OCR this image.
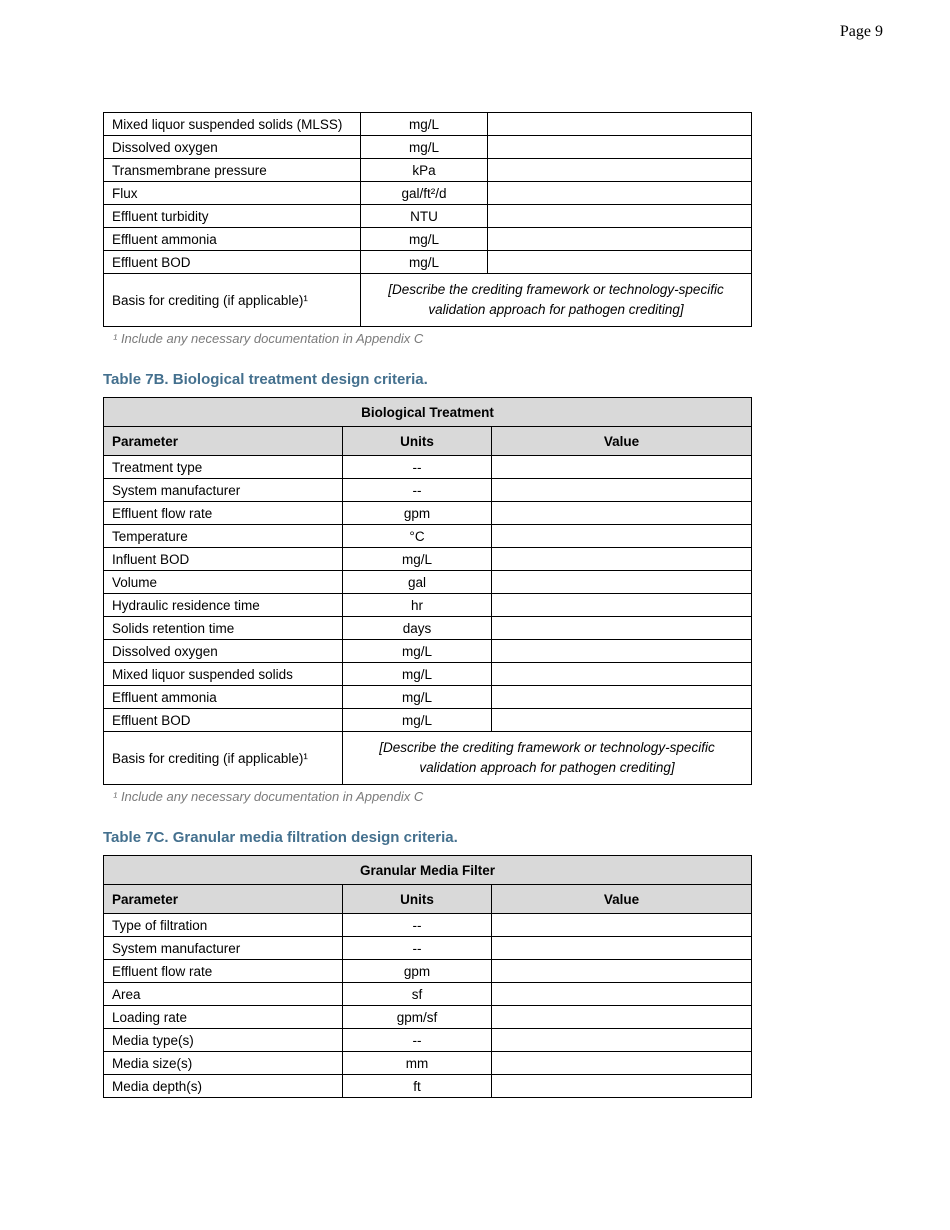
Page 9
Mixed liquor suspended solids (MLSS)	mg/L	
Dissolved oxygen	mg/L	
Transmembrane pressure	kPa	
Flux	gal/ft²/d	
Effluent turbidity	NTU	
Effluent ammonia	mg/L	
Effluent BOD	mg/L	
Basis for crediting (if applicable)¹	[Describe the crediting framework or technology-specific validation approach for pathogen crediting]	
¹ Include any necessary documentation in Appendix C
Table 7B. Biological treatment design criteria.
Biological Treatment		
Parameter	Units	Value
Treatment type	--	
System manufacturer	--	
Effluent flow rate	gpm	
Temperature	°C	
Influent BOD	mg/L	
Volume	gal	
Hydraulic residence time	hr	
Solids retention time	days	
Dissolved oxygen	mg/L	
Mixed liquor suspended solids	mg/L	
Effluent ammonia	mg/L	
Effluent BOD	mg/L	
Basis for crediting (if applicable)¹	[Describe the crediting framework or technology-specific validation approach for pathogen crediting]	
¹ Include any necessary documentation in Appendix C
Table 7C. Granular media filtration design criteria.
Granular Media Filter		
Parameter	Units	Value
Type of filtration	--	
System manufacturer	--	
Effluent flow rate	gpm	
Area	sf	
Loading rate	gpm/sf	
Media type(s)	--	
Media size(s)	mm	
Media depth(s)	ft	
